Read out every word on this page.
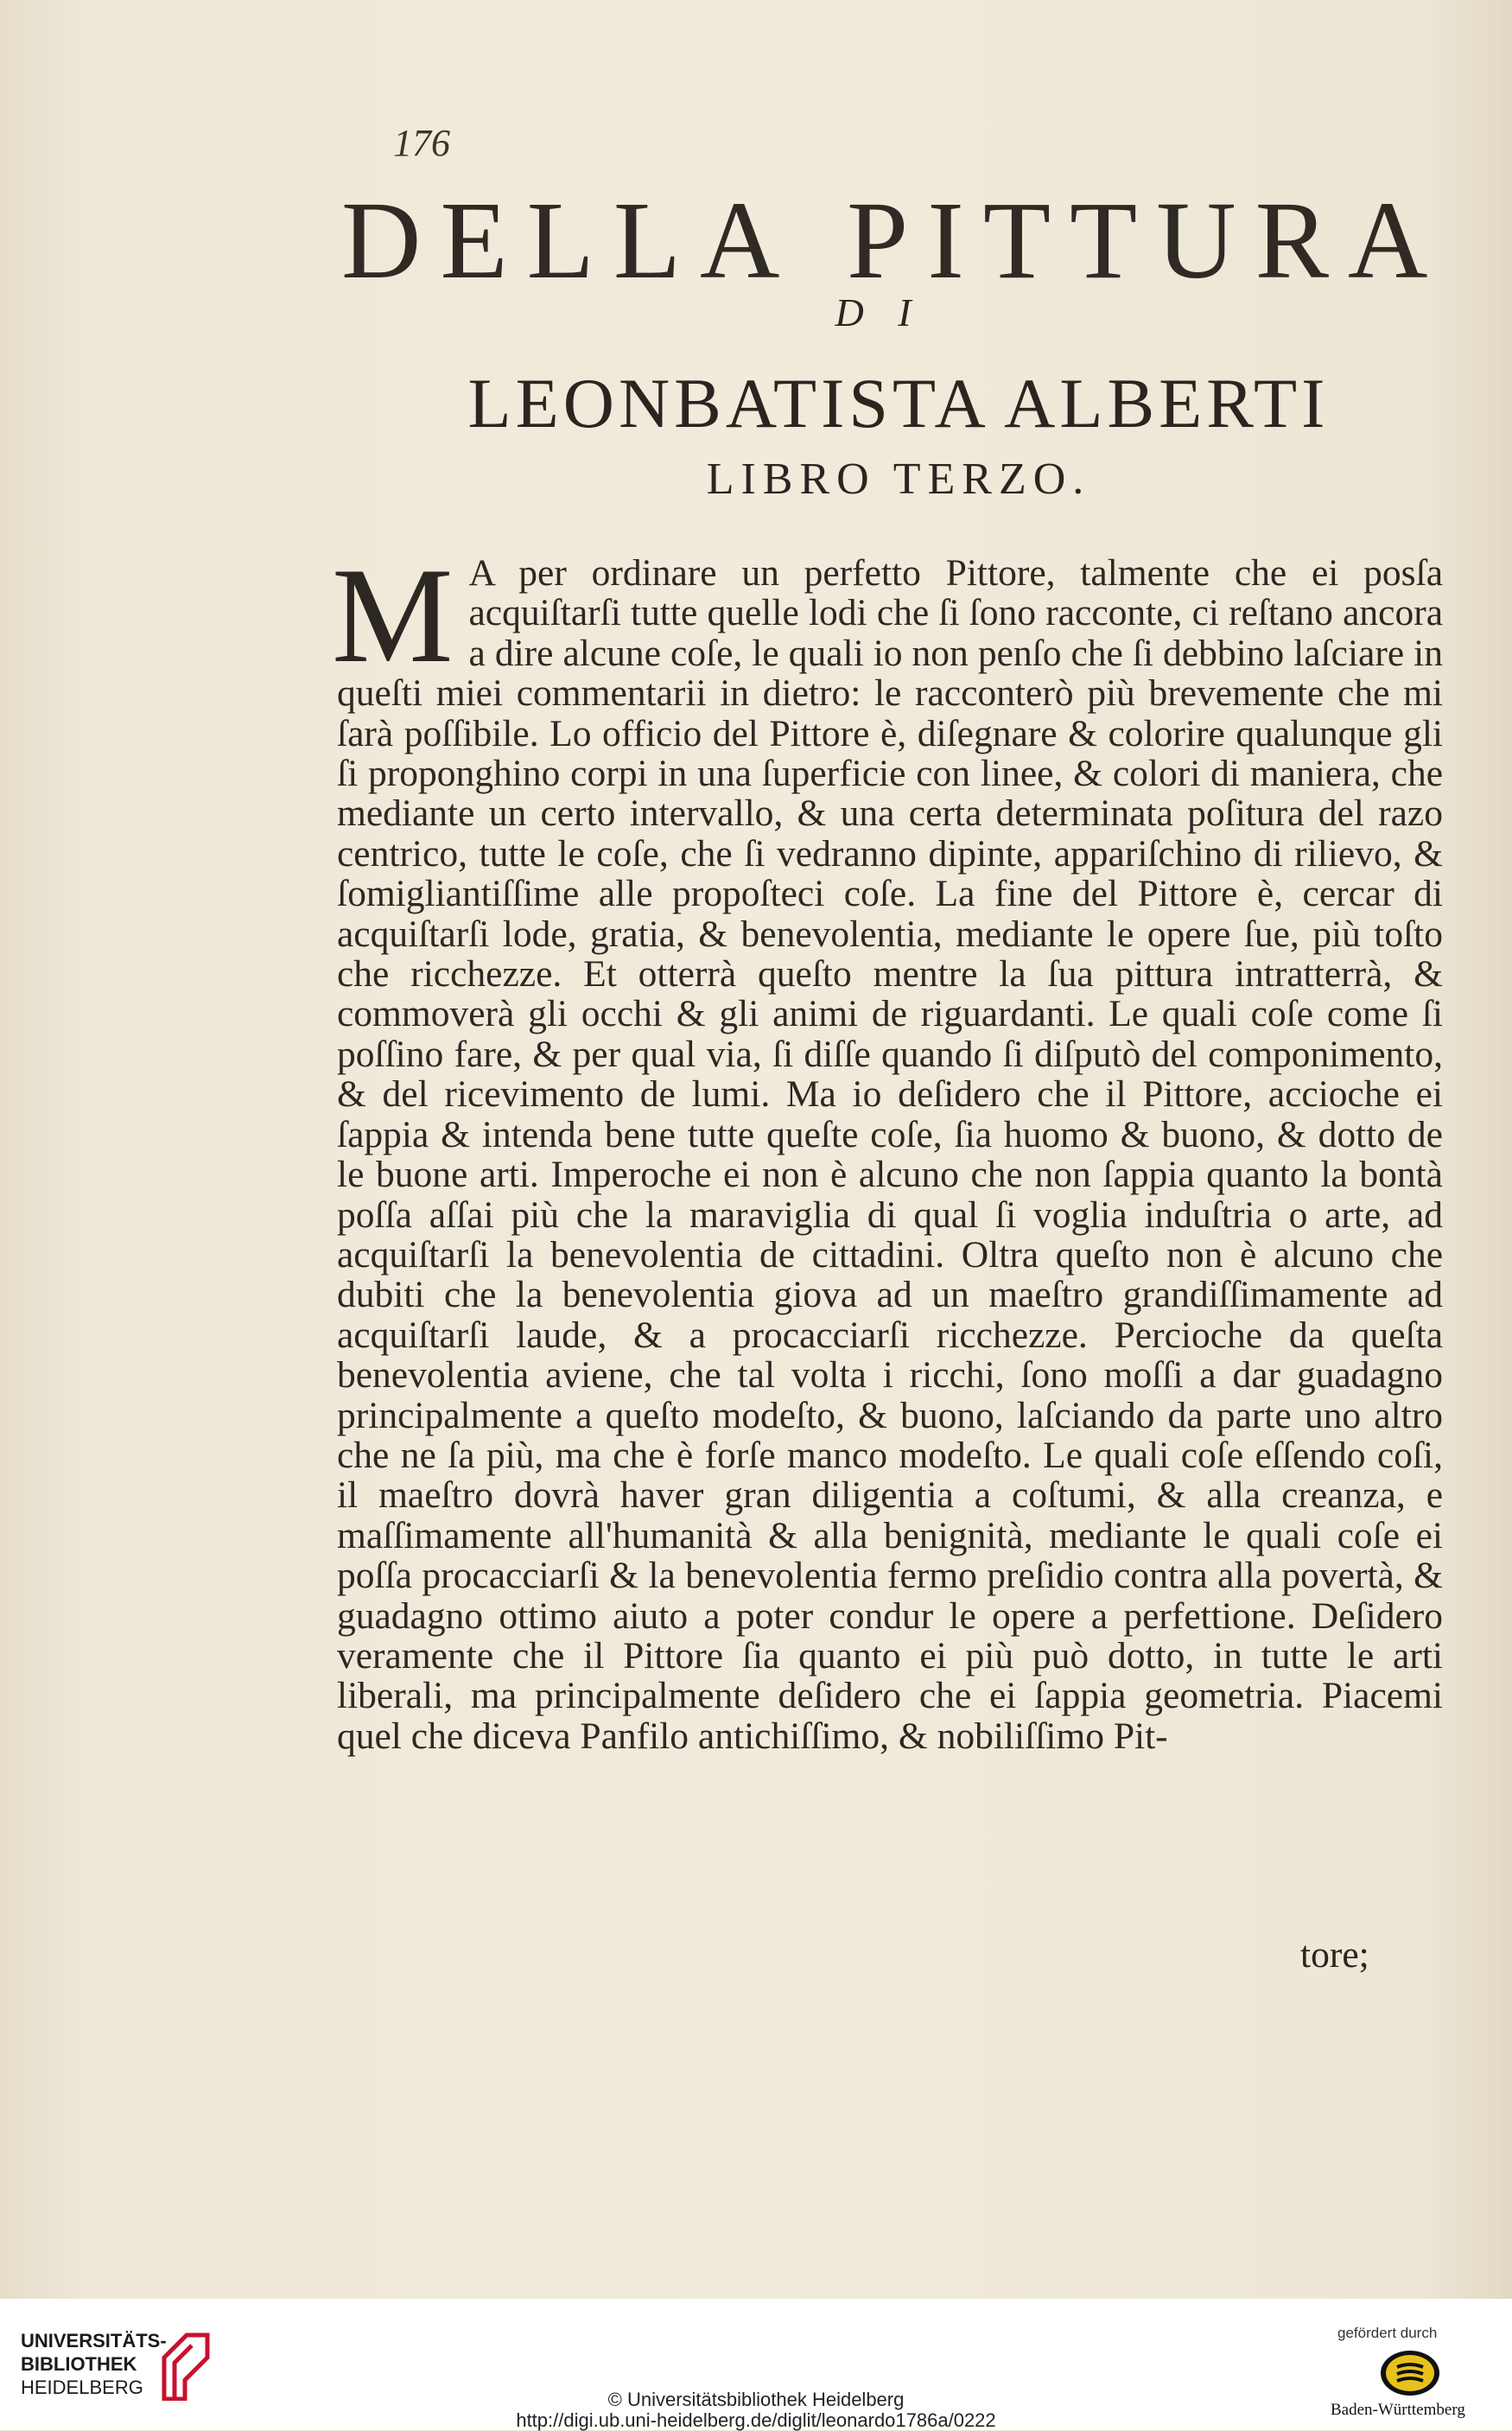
176
DELLA PITTURA
D I
LEONBATISTA ALBERTI
LIBRO TERZO.
M A per ordinare un perfetto Pittore, talmente che ei posſa acquiſtarſi tutte quelle lodi che ſi ſono racconte, ci reſtano ancora a dire alcune coſe, le quali io non penſo che ſi debbino laſciare in queſti miei commentarii in dietro: le racconterò più brevemente che mi ſarà poſſibile. Lo officio del Pittore è, diſegnare & colorire qualunque gli ſi proponghino corpi in una ſuperficie con linee, & colori di maniera, che mediante un certo intervallo, & una certa determinata poſitura del razo centrico, tutte le coſe, che ſi vedranno dipinte, appariſchino di rilievo, & ſomigliantiſſime alle propoſteci coſe. La fine del Pittore è, cercar di acquiſtarſi lode, gratia, & benevolentia, mediante le opere ſue, più toſto che ricchezze. Et otterrà queſto mentre la ſua pittura intratterrà, & commoverà gli occhi & gli animi de riguardanti. Le quali coſe come ſi poſſino fare, & per qual via, ſi diſſe quando ſi diſputò del componimento, & del ricevimento de lumi. Ma io deſidero che il Pittore, accioche ei ſappia & intenda bene tutte queſte coſe, ſia huomo & buono, & dotto de le buone arti. Imperoche ei non è alcuno che non ſappia quanto la bontà poſſa aſſai più che la maraviglia di qual ſi voglia induſtria o arte, ad acquiſtarſi la benevolentia de cittadini. Oltra queſto non è alcuno che dubiti che la benevolentia giova ad un maeſtro grandiſſimamente ad acquiſtarſi laude, & a procacciarſi ricchezze. Percioche da queſta benevolentia aviene, che tal volta i ricchi, ſono moſſi a dar guadagno principalmente a queſto modeſto, & buono, laſciando da parte uno altro che ne ſa più, ma che è forſe manco modeſto. Le quali coſe eſſendo coſi, il maeſtro dovrà haver gran diligentia a coſtumi, & alla creanza, e maſſimamente all'humanità & alla benignità, mediante le quali coſe ei poſſa procacciarſi & la benevolentia fermo preſidio contra alla povertà, & guadagno ottimo aiuto a poter condur le opere a perfettione. Deſidero veramente che il Pittore ſia quanto ei più può dotto, in tutte le arti liberali, ma principalmente deſidero che ei ſappia geometria. Piacemi quel che diceva Panfilo antichiſſimo, & nobiliſſimo Pit-
tore;
UNIVERSITÄTS-
BIBLIOTHEK
HEIDELBERG
© Universitätsbibliothek Heidelberg
http://digi.ub.uni-heidelberg.de/diglit/leonardo1786a/0222
gefördert durch
Baden-Württemberg
